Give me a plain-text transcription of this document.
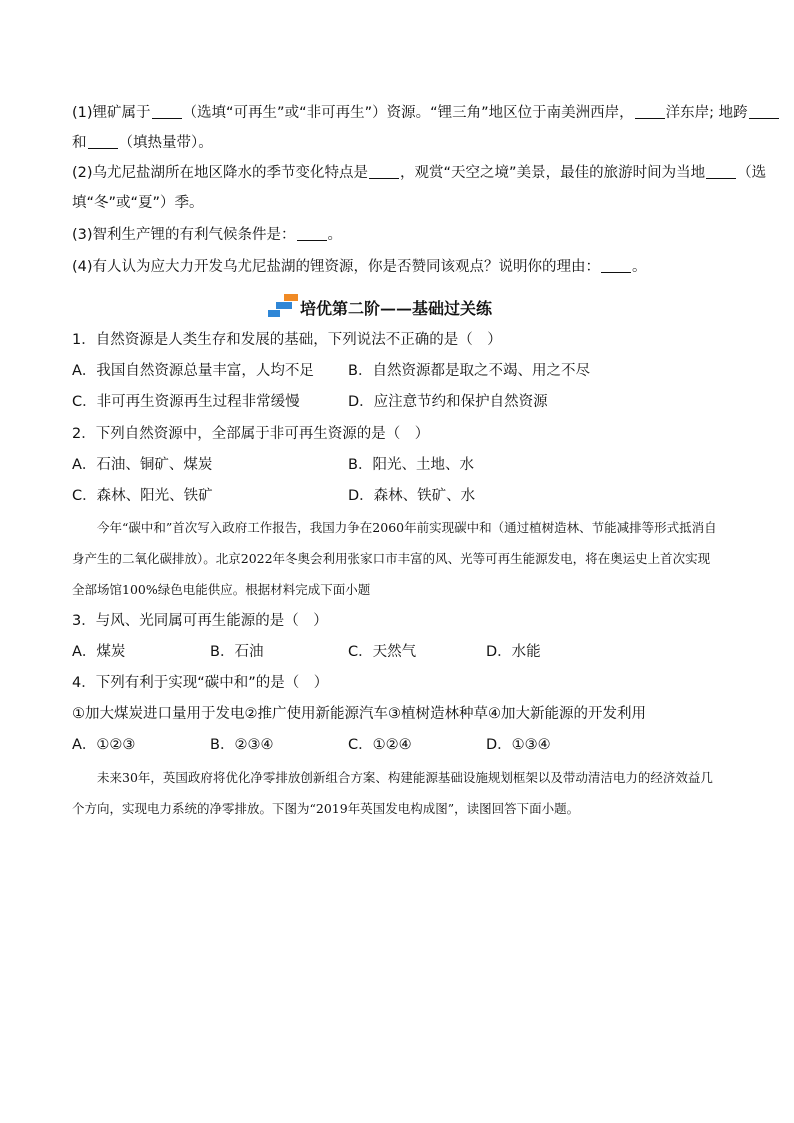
(1)锂矿属于 （选填“可再生”或“非可再生”）资源。“锂三角”地区位于南美洲西岸， 洋东岸; 地跨
和 （填热量带）。
(2)乌尤尼盐湖所在地区降水的季节变化特点是 ，观赏“天空之境”美景，最佳的旅游时间为当地 （选
填“冬”或“夏”）季。
(3)智利生产锂的有利气候条件是： 。
(4)有人认为应大力开发乌尤尼盐湖的锂资源，你是否赞同该观点？说明你的理由： 。
培优第二阶——基础过关练
1．自然资源是人类生存和发展的基础，下列说法不正确的是（　）
A．我国自然资源总量丰富，人均不足 B．自然资源都是取之不竭、用之不尽
C．非可再生资源再生过程非常缓慢	D．应注意节约和保护自然资源
2．下列自然资源中，全部属于非可再生资源的是（　）
A．石油、铜矿、煤炭	B．阳光、土地、水
C．森林、阳光、铁矿	D．森林、铁矿、水
今年“碳中和”首次写入政府工作报告，我国力争在2060年前实现碳中和（通过植树造林、节能减排等形式抵消自身产生的二氧化碳排放）。北京2022年冬奥会利用张家口市丰富的风、光等可再生能源发电，将在奥运史上首次实现全部场馆100%绿色电能供应。根据材料完成下面小题
3．与风、光同属可再生能源的是（　）
A．煤炭	B．石油	C．天然气	D．水能
4．下列有利于实现“碳中和”的是（　）
①加大煤炭进口量用于发电②推广使用新能源汽车③植树造林种草④加大新能源的开发利用
A．①②③	B．②③④	C．①②④	D．①③④
未来30年，英国政府将优化净零排放创新组合方案、构建能源基础设施规划框架以及带动清洁电力的经济效益几个方向，实现电力系统的净零排放。下图为“2019年英国发电构成图”，读图回答下面小题。
